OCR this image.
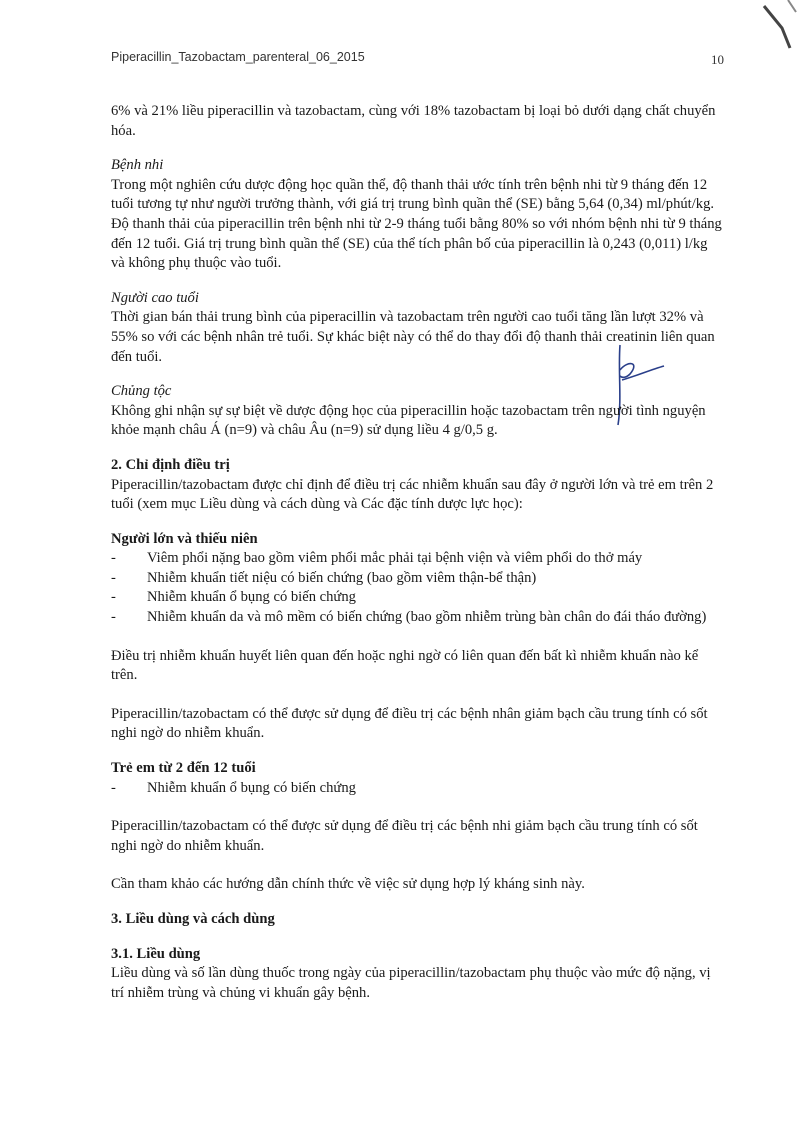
Piperacillin_Tazobactam_parenteral_06_2015	10

6% và 21% liều piperacillin và tazobactam, cùng với 18% tazobactam bị loại bỏ dưới dạng chất chuyển hóa.

Bệnh nhi

Trong một nghiên cứu dược động học quần thể, độ thanh thải ước tính trên bệnh nhi từ 9 tháng đến 12 tuổi tương tự như người trưởng thành, với giá trị trung bình quần thể (SE) bằng 5,64 (0,34) ml/phút/kg. Độ thanh thải của piperacillin trên bệnh nhi từ 2-9 tháng tuổi bằng 80% so với nhóm bệnh nhi từ 9 tháng đến 12 tuổi. Giá trị trung bình quần thể (SE) của thể tích phân bố của piperacillin là 0,243 (0,011) l/kg và không phụ thuộc vào tuổi.

Người cao tuổi

Thời gian bán thải trung bình của piperacillin và tazobactam trên người cao tuổi tăng lần lượt 32% và 55% so với các bệnh nhân trẻ tuổi. Sự khác biệt này có thể do thay đổi độ thanh thải creatinin liên quan đến tuổi.

Chủng tộc

Không ghi nhận sự sự biệt về dược động học của piperacillin hoặc tazobactam trên người tình nguyện khỏe mạnh châu Á (n=9) và châu Âu (n=9) sử dụng liều 4 g/0,5 g.

2. Chỉ định điều trị

Piperacillin/tazobactam được chỉ định để điều trị các nhiễm khuẩn sau đây ở người lớn và trẻ em trên 2 tuổi (xem mục Liều dùng và cách dùng và Các đặc tính dược lực học):

Người lớn và thiếu niên

- Viêm phổi nặng bao gồm viêm phổi mắc phải tại bệnh viện và viêm phổi do thở máy
- Nhiễm khuẩn tiết niệu có biến chứng (bao gồm viêm thận-bể thận)
- Nhiễm khuẩn ổ bụng có biến chứng
- Nhiễm khuẩn da và mô mềm có biến chứng (bao gồm nhiễm trùng bàn chân do đái tháo đường)

Điều trị nhiễm khuẩn huyết liên quan đến hoặc nghi ngờ có liên quan đến bất kì nhiễm khuẩn nào kể trên.

Piperacillin/tazobactam có thể được sử dụng để điều trị các bệnh nhân giảm bạch cầu trung tính có sốt nghi ngờ do nhiễm khuẩn.

Trẻ em từ 2 đến 12 tuổi

- Nhiễm khuẩn ổ bụng có biến chứng

Piperacillin/tazobactam có thể được sử dụng để điều trị các bệnh nhi giảm bạch cầu trung tính có sốt nghi ngờ do nhiễm khuẩn.

Cần tham khảo các hướng dẫn chính thức về việc sử dụng hợp lý kháng sinh này.

3. Liều dùng và cách dùng

3.1. Liều dùng

Liều dùng và số lần dùng thuốc trong ngày của piperacillin/tazobactam phụ thuộc vào mức độ nặng, vị trí nhiễm trùng và chủng vi khuẩn gây bệnh.
